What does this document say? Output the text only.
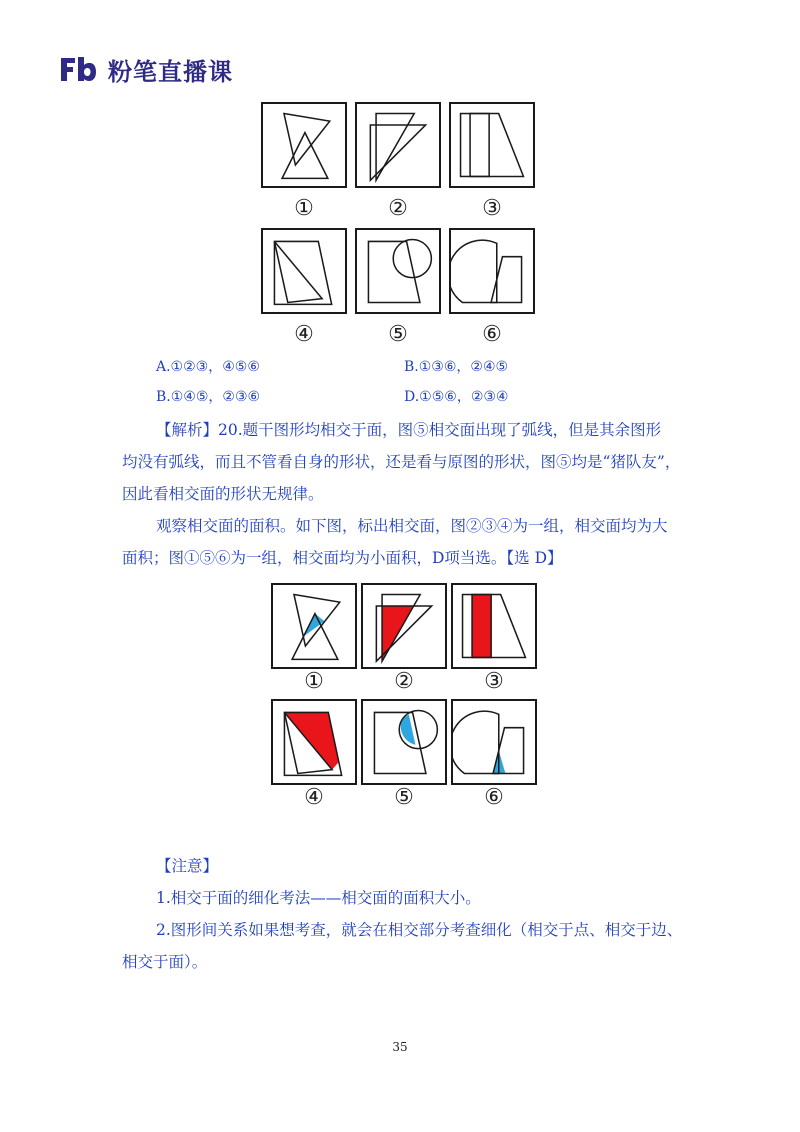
粉笔直播课
①	②	③
④	⑤	⑥
A.①②③，④⑤⑥	B.①③⑥，②④⑤
B.①④⑤，②③⑥	D.①⑤⑥，②③④
【解析】20.题干图形均相交于面，图⑤相交面出现了弧线，但是其余图形
均没有弧线，而且不管看自身的形状，还是看与原图的形状，图⑤均是“猪队友”，
因此看相交面的形状无规律。
观察相交面的面积。如下图，标出相交面，图②③④为一组，相交面均为大
面积；图①⑤⑥为一组，相交面均为小面积，D项当选。【选 D】
①	②	③
④	⑤	⑥
【注意】
1.相交于面的细化考法——相交面的面积大小。
2.图形间关系如果想考查，就会在相交部分考查细化（相交于点、相交于边、
相交于面）。
35
